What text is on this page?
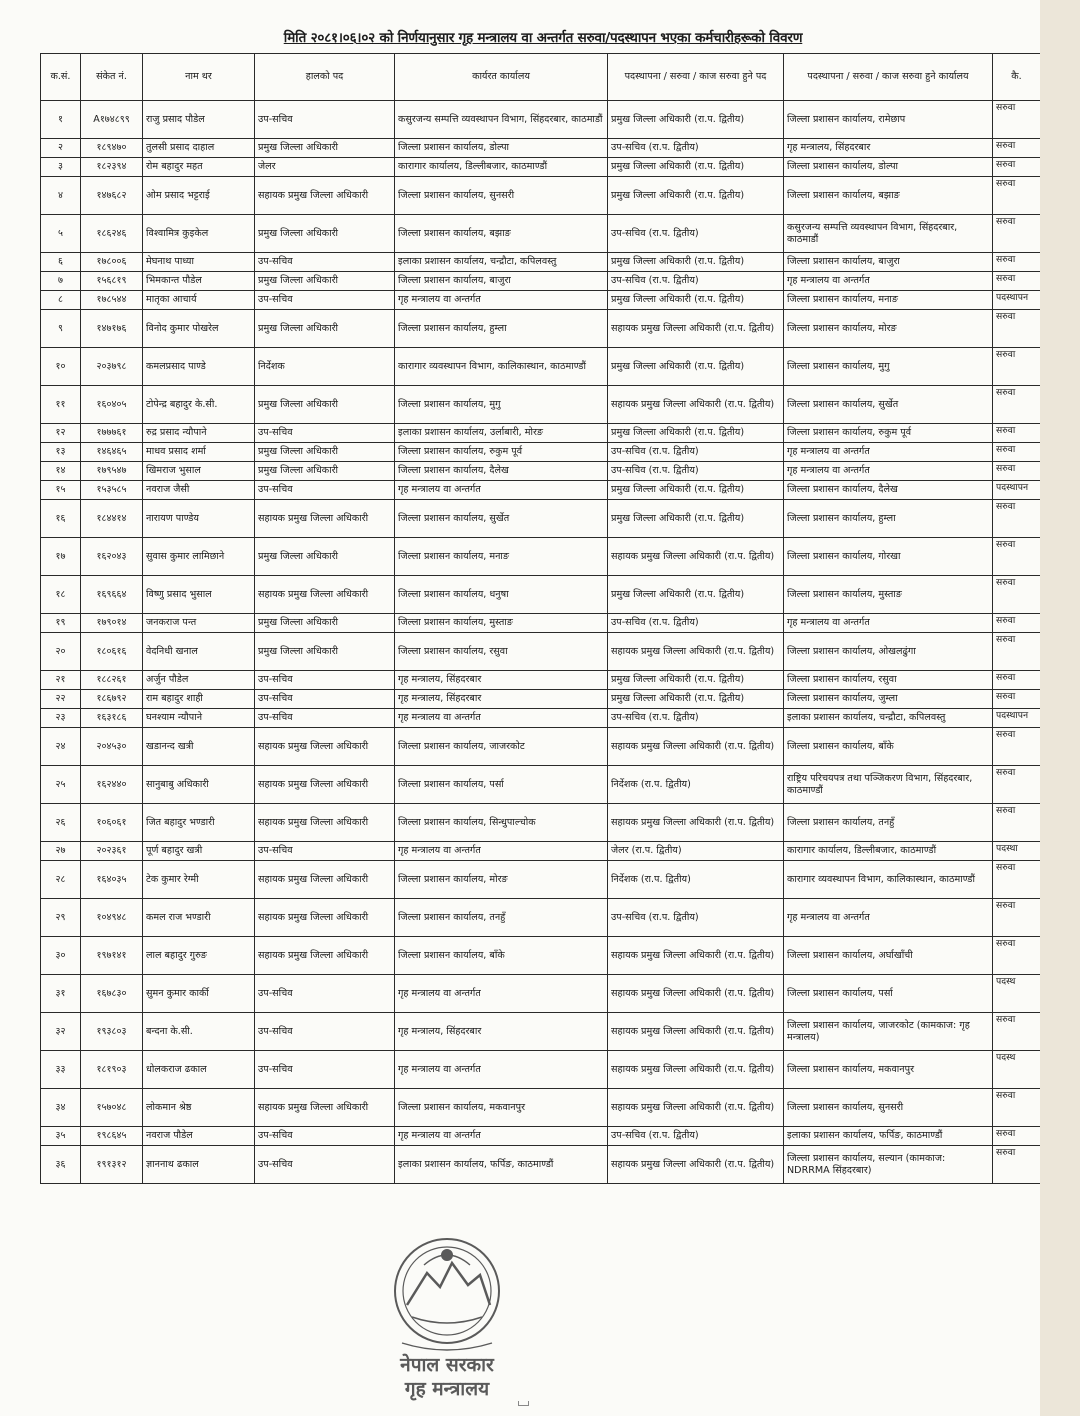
मिति २०८१।०६।०२ को निर्णयानुसार गृह मन्त्रालय वा अन्तर्गत सरुवा/पदस्थापन भएका कर्मचारीहरूको विवरण
क.सं.	संकेत नं.	नाम थर	हालको पद	कार्यरत कार्यालय	पदस्थापना / सरुवा / काज सरुवा हुने पद	पदस्थापना / सरुवा / काज सरुवा हुने कार्यालय	कै.
१	A१७४८९९	राजु प्रसाद पौडेल	उप-सचिव	कसुरजन्य सम्पत्ति व्यवस्थापन विभाग, सिंहदरबार, काठमाडौं	प्रमुख जिल्ला अधिकारी (रा.प. द्वितीय)	जिल्ला प्रशासन कार्यालय, रामेछाप	सरुवा
२	१८९४७०	तुलसी प्रसाद दाहाल	प्रमुख जिल्ला अधिकारी	जिल्ला प्रशासन कार्यालय, डोल्पा	उप-सचिव (रा.प. द्वितीय)	गृह मन्त्रालय, सिंहदरबार	सरुवा
३	१८२३९४	रोम बहादुर महत	जेलर	कारागार कार्यालय, डिल्लीबजार, काठमाण्डौं	प्रमुख जिल्ला अधिकारी (रा.प. द्वितीय)	जिल्ला प्रशासन कार्यालय, डोल्पा	सरुवा
४	१४७६८२	ओम प्रसाद भट्टराई	सहायक प्रमुख जिल्ला अधिकारी	जिल्ला प्रशासन कार्यालय, सुनसरी	प्रमुख जिल्ला अधिकारी (रा.प. द्वितीय)	जिल्ला प्रशासन कार्यालय, बझाङ	सरुवा
५	१८६२४६	विश्वामित्र कुइकेल	प्रमुख जिल्ला अधिकारी	जिल्ला प्रशासन कार्यालय, बझाङ	उप-सचिव (रा.प. द्वितीय)	कसुरजन्य सम्पत्ति व्यवस्थापन विभाग, सिंहदरबार, काठमाडौं	सरुवा
६	१७८००६	मेघनाथ पाध्या	उप-सचिव	इलाका प्रशासन कार्यालय, चन्द्रौटा, कपिलवस्तु	प्रमुख जिल्ला अधिकारी (रा.प. द्वितीय)	जिल्ला प्रशासन कार्यालय, बाजुरा	सरुवा
७	१५६८१९	भिमकान्त पौडेल	प्रमुख जिल्ला अधिकारी	जिल्ला प्रशासन कार्यालय, बाजुरा	उप-सचिव (रा.प. द्वितीय)	गृह मन्त्रालय वा अन्तर्गत	सरुवा
८	१७८५४४	मातृका आचार्य	उप-सचिव	गृह मन्त्रालय वा अन्तर्गत	प्रमुख जिल्ला अधिकारी (रा.प. द्वितीय)	जिल्ला प्रशासन कार्यालय, मनाङ	पदस्थापन
९	१४७१७६	विनोद कुमार पोखरेल	प्रमुख जिल्ला अधिकारी	जिल्ला प्रशासन कार्यालय, हुम्ला	सहायक प्रमुख जिल्ला अधिकारी (रा.प. द्वितीय)	जिल्ला प्रशासन कार्यालय, मोरङ	सरुवा
१०	२०३७९८	कमलप्रसाद पाण्डे	निर्देशक	कारागार व्यवस्थापन विभाग, कालिकास्थान, काठमाण्डौं	प्रमुख जिल्ला अधिकारी (रा.प. द्वितीय)	जिल्ला प्रशासन कार्यालय, मुगु	सरुवा
११	१६०४०५	टोपेन्द्र बहादुर के.सी.	प्रमुख जिल्ला अधिकारी	जिल्ला प्रशासन कार्यालय, मुगु	सहायक प्रमुख जिल्ला अधिकारी (रा.प. द्वितीय)	जिल्ला प्रशासन कार्यालय, सुर्खेत	सरुवा
१२	१७७७६१	रुद्र प्रसाद न्यौपाने	उप-सचिव	इलाका प्रशासन कार्यालय, उर्लाबारी, मोरङ	प्रमुख जिल्ला अधिकारी (रा.प. द्वितीय)	जिल्ला प्रशासन कार्यालय, रुकुम पूर्व	सरुवा
१३	१४६४६५	माधव प्रसाद शर्मा	प्रमुख जिल्ला अधिकारी	जिल्ला प्रशासन कार्यालय, रुकुम पूर्व	उप-सचिव (रा.प. द्वितीय)	गृह मन्त्रालय वा अन्तर्गत	सरुवा
१४	१७९५४७	खिमराज भुसाल	प्रमुख जिल्ला अधिकारी	जिल्ला प्रशासन कार्यालय, दैलेख	उप-सचिव (रा.प. द्वितीय)	गृह मन्त्रालय वा अन्तर्गत	सरुवा
१५	१५३५८५	नवराज जैसी	उप-सचिव	गृह मन्त्रालय वा अन्तर्गत	प्रमुख जिल्ला अधिकारी (रा.प. द्वितीय)	जिल्ला प्रशासन कार्यालय, दैलेख	पदस्थापन
१६	१८४४१४	नारायण पाण्डेय	सहायक प्रमुख जिल्ला अधिकारी	जिल्ला प्रशासन कार्यालय, सुर्खेत	प्रमुख जिल्ला अधिकारी (रा.प. द्वितीय)	जिल्ला प्रशासन कार्यालय, हुम्ला	सरुवा
१७	१६२०४३	सुवास कुमार लामिछाने	प्रमुख जिल्ला अधिकारी	जिल्ला प्रशासन कार्यालय, मनाङ	सहायक प्रमुख जिल्ला अधिकारी (रा.प. द्वितीय)	जिल्ला प्रशासन कार्यालय, गोरखा	सरुवा
१८	१६९६६४	विष्णु प्रसाद भुसाल	सहायक प्रमुख जिल्ला अधिकारी	जिल्ला प्रशासन कार्यालय, धनुषा	प्रमुख जिल्ला अधिकारी (रा.प. द्वितीय)	जिल्ला प्रशासन कार्यालय, मुस्ताङ	सरुवा
१९	१७९०१४	जनकराज पन्त	प्रमुख जिल्ला अधिकारी	जिल्ला प्रशासन कार्यालय, मुस्ताङ	उप-सचिव (रा.प. द्वितीय)	गृह मन्त्रालय वा अन्तर्गत	सरुवा
२०	१८०६१६	वेदनिधी खनाल	प्रमुख जिल्ला अधिकारी	जिल्ला प्रशासन कार्यालय, रसुवा	सहायक प्रमुख जिल्ला अधिकारी (रा.प. द्वितीय)	जिल्ला प्रशासन कार्यालय, ओखलढुंगा	सरुवा
२१	१८८२६१	अर्जुन पौडेल	उप-सचिव	गृह मन्त्रालय, सिंहदरबार	प्रमुख जिल्ला अधिकारी (रा.प. द्वितीय)	जिल्ला प्रशासन कार्यालय, रसुवा	सरुवा
२२	१८६७९२	राम बहादुर शाही	उप-सचिव	गृह मन्त्रालय, सिंहदरबार	प्रमुख जिल्ला अधिकारी (रा.प. द्वितीय)	जिल्ला प्रशासन कार्यालय, जुम्ला	सरुवा
२३	१६३१८६	घनश्याम न्यौपाने	उप-सचिव	गृह मन्त्रालय वा अन्तर्गत	उप-सचिव (रा.प. द्वितीय)	इलाका प्रशासन कार्यालय, चन्द्रौटा, कपिलवस्तु	पदस्थापन
२४	२०४५३०	खडानन्द खत्री	सहायक प्रमुख जिल्ला अधिकारी	जिल्ला प्रशासन कार्यालय, जाजरकोट	सहायक प्रमुख जिल्ला अधिकारी (रा.प. द्वितीय)	जिल्ला प्रशासन कार्यालय, बाँके	सरुवा
२५	१६२४४०	सानुबाबु अधिकारी	सहायक प्रमुख जिल्ला अधिकारी	जिल्ला प्रशासन कार्यालय, पर्सा	निर्देशक (रा.प. द्वितीय)	राष्ट्रिय परिचयपत्र तथा पञ्जिकरण विभाग, सिंहदरबार, काठमाण्डौं	सरुवा
२६	१०६०६१	जित बहादुर भण्डारी	सहायक प्रमुख जिल्ला अधिकारी	जिल्ला प्रशासन कार्यालय, सिन्धुपाल्चोक	सहायक प्रमुख जिल्ला अधिकारी (रा.प. द्वितीय)	जिल्ला प्रशासन कार्यालय, तनहुँ	सरुवा
२७	२०२३६१	पूर्ण बहादुर खत्री	उप-सचिव	गृह मन्त्रालय वा अन्तर्गत	जेलर (रा.प. द्वितीय)	कारागार कार्यालय, डिल्लीबजार, काठमाण्डौं	पदस्था
२८	१६४०३५	टेक कुमार रेग्मी	सहायक प्रमुख जिल्ला अधिकारी	जिल्ला प्रशासन कार्यालय, मोरङ	निर्देशक (रा.प. द्वितीय)	कारागार व्यवस्थापन विभाग, कालिकास्थान, काठमाण्डौं	सरुवा
२९	१०४९४८	कमल राज भण्डारी	सहायक प्रमुख जिल्ला अधिकारी	जिल्ला प्रशासन कार्यालय, तनहुँ	उप-सचिव (रा.प. द्वितीय)	गृह मन्त्रालय वा अन्तर्गत	सरुवा
३०	१९७१४१	लाल बहादुर गुरुङ	सहायक प्रमुख जिल्ला अधिकारी	जिल्ला प्रशासन कार्यालय, बाँके	सहायक प्रमुख जिल्ला अधिकारी (रा.प. द्वितीय)	जिल्ला प्रशासन कार्यालय, अर्घाखाँची	सरुवा
३१	१६७८३०	सुमन कुमार कार्की	उप-सचिव	गृह मन्त्रालय वा अन्तर्गत	सहायक प्रमुख जिल्ला अधिकारी (रा.प. द्वितीय)	जिल्ला प्रशासन कार्यालय, पर्सा	पदस्थ
३२	१९३८०३	बन्दना के.सी.	उप-सचिव	गृह मन्त्रालय, सिंहदरबार	सहायक प्रमुख जिल्ला अधिकारी (रा.प. द्वितीय)	जिल्ला प्रशासन कार्यालय, जाजरकोट (कामकाज: गृह मन्त्रालय)	सरुवा
३३	१८१९०३	धोलकराज ढकाल	उप-सचिव	गृह मन्त्रालय वा अन्तर्गत	सहायक प्रमुख जिल्ला अधिकारी (रा.प. द्वितीय)	जिल्ला प्रशासन कार्यालय, मकवानपुर	पदस्थ
३४	१५७०४८	लोकमान श्रेष्ठ	सहायक प्रमुख जिल्ला अधिकारी	जिल्ला प्रशासन कार्यालय, मकवानपुर	सहायक प्रमुख जिल्ला अधिकारी (रा.प. द्वितीय)	जिल्ला प्रशासन कार्यालय, सुनसरी	सरुवा
३५	१९८६४५	नवराज पौडेल	उप-सचिव	गृह मन्त्रालय वा अन्तर्गत	उप-सचिव (रा.प. द्वितीय)	इलाका प्रशासन कार्यालय, फर्पिङ, काठमाण्डौं	सरुवा
३६	१९१३१२	ज्ञाननाथ ढकाल	उप-सचिव	इलाका प्रशासन कार्यालय, फर्पिङ, काठमाण्डौं	सहायक प्रमुख जिल्ला अधिकारी (रा.प. द्वितीय)	जिल्ला प्रशासन कार्यालय, सल्यान (कामकाज: NDRRMA सिंहदरबार)	सरुवा
नेपाल सरकार
गृह मन्त्रालय
